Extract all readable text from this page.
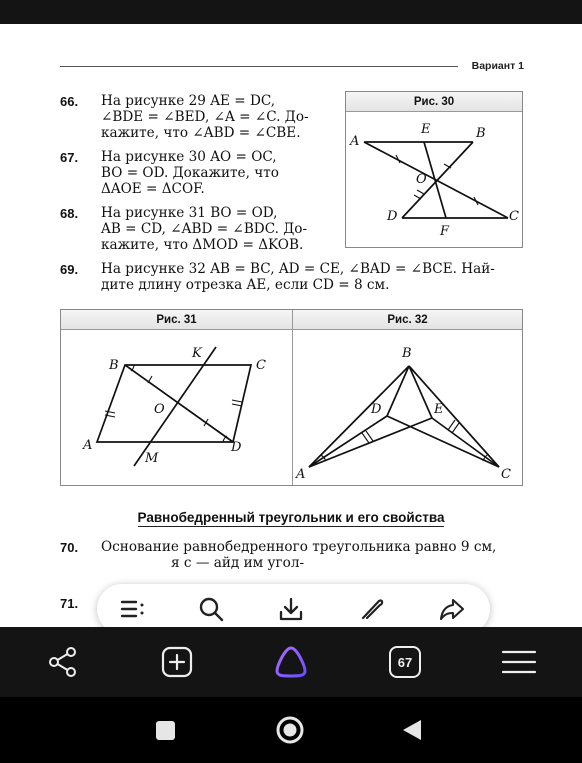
Вариант 1
66. На рисунке 29 AE = DC,
∠BDE = ∠BED, ∠A = ∠C. До-
кажите, что ∠ABD = ∠CBE.
67. На рисунке 30 AO = OC,
BO = OD. Докажите, что
ΔAOE = ΔCOF.
68. На рисунке 31 BO = OD,
AB = CD, ∠ABD = ∠BDC. До-
кажите, что ΔMOD = ΔKOB.
69. На рисунке 32 AB = BC, AD = CE, ∠BAD = ∠BCE. Най-
дите длину отрезка AE, если CD = 8 см.
Рис. 30
A
E	B
O
D
F
C
Рис. 31	Рис. 32
B
K
C
O
A
M
D
B
D	E
A	C
Равнобедренный треугольник и его свойства
70. Основание равнобедренного треугольника равно 9 см,
я с — айд им угол-
71.
67
